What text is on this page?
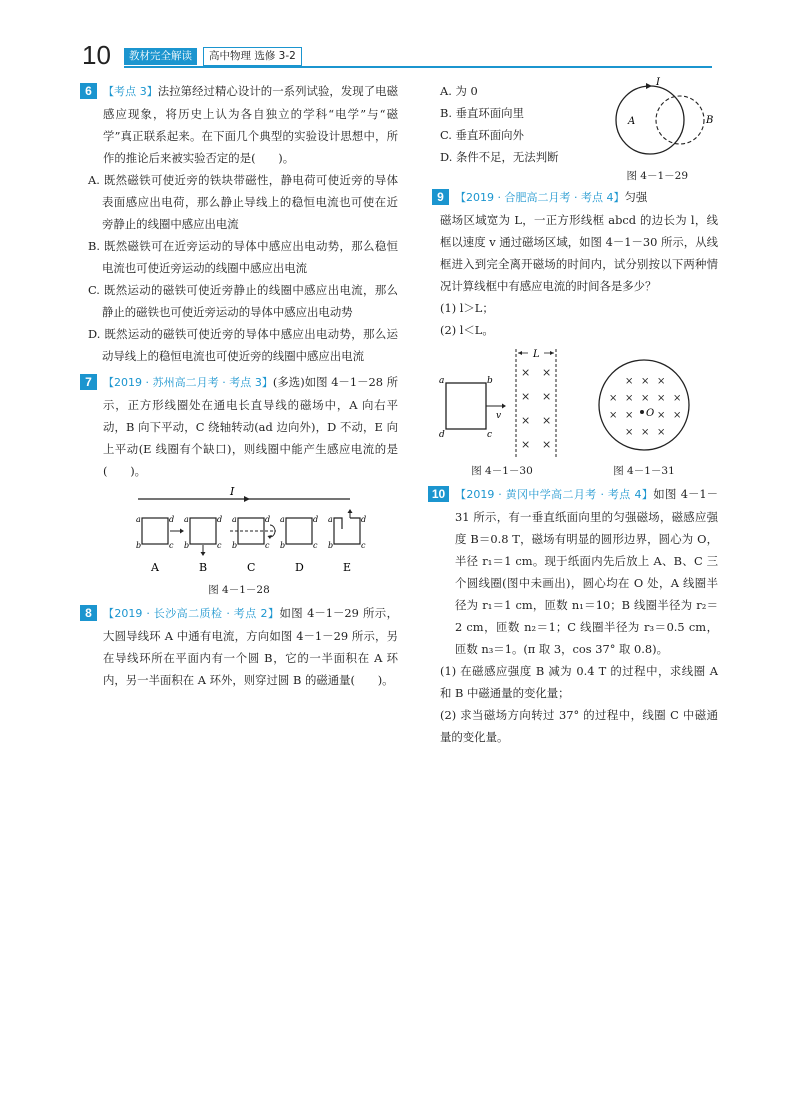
10	教材完全解读	高中物理 选修 3-2
6	【考点 3】法拉第经过精心设计的一系列试验，发现了电磁感应现象，将历史上认为各自独立的学科“电学”与“磁学”真正联系起来。在下面几个典型的实验设计思想中，所作的推论后来被实验否定的是(　　)。
A. 既然磁铁可使近旁的铁块带磁性，静电荷可使近旁的导体表面感应出电荷，那么静止导线上的稳恒电流也可使在近旁静止的线圈中感应出电流
B. 既然磁铁可在近旁运动的导体中感应出电动势，那么稳恒电流也可使近旁运动的线圈中感应出电流
C. 既然运动的磁铁可使近旁静止的线圈中感应出电流，那么静止的磁铁也可使近旁运动的导体中感应出电动势
D. 既然运动的磁铁可使近旁的导体中感应出电动势，那么运动导线上的稳恒电流也可使近旁的线圈中感应出电流
7	【2019 · 苏州高二月考 · 考点 3】(多选)如图 4－1－28 所示，正方形线圈处在通电长直导线的磁场中，A 向右平动，B 向下平动，C 绕轴转动(ad 边向外)，D 不动，E 向上平动(E 线圈有个缺口)，则线圈中能产生感应电流的是(　　)。
I
a	d
b	c
A
a	d
b	c
B
a	d
b	c
C
a	d
b	c
D
a	d
b	c
E
图 4－1－28
8	【2019 · 长沙高二质检 · 考点 2】如图 4－1－29 所示，大圆导线环 A 中通有电流，方向如图 4－1－29 所示，另在导线环所在平面内有一个圆 B，它的一半面积在 A 环内，另一半面积在 A 环外，则穿过圆 B 的磁通量(　　)。
A. 为 0
B. 垂直环面向里
C. 垂直环面向外
D. 条件不足，无法判断
I
A	B
图 4－1－29
9	【2019 · 合肥高二月考 · 考点 4】匀强
磁场区域宽为 L，一正方形线框 abcd 的边长为 l，线框以速度 v 通过磁场区域，如图 4－1－30 所示，从线框进入到完全离开磁场的时间内，试分别按以下两种情况计算线框中有感应电流的时间各是多少？
(1) l＞L；
(2) l＜L。
L
× ×
× ×
× ×
× ×
a	b
c
d
v
图 4－1－30
× × ×
× × × × ×
× × × ×
× × ×
O
图 4－1－31
10 【2019 · 黄冈中学高二月考 · 考点 4】如图 4－1－31 所示，有一垂直纸面向里的匀强磁场，磁感应强度 B＝0.8 T，磁场有明显的圆形边界，圆心为 O，半径 r₁＝1 cm。现于纸面内先后放上 A、B、C 三个圆线圈(图中未画出)，圆心均在 O 处，A 线圈半径为 r₁＝1 cm，匝数 n₁＝10；B 线圈半径为 r₂＝2 cm，匝数 n₂＝1；C 线圈半径为 r₃＝0.5 cm，匝数 n₃＝1。(π 取 3，cos 37° 取 0.8)。
(1) 在磁感应强度 B 减为 0.4 T 的过程中，求线圈 A 和 B 中磁通量的变化量；
(2) 求当磁场方向转过 37° 的过程中，线圈 C 中磁通量的变化量。
